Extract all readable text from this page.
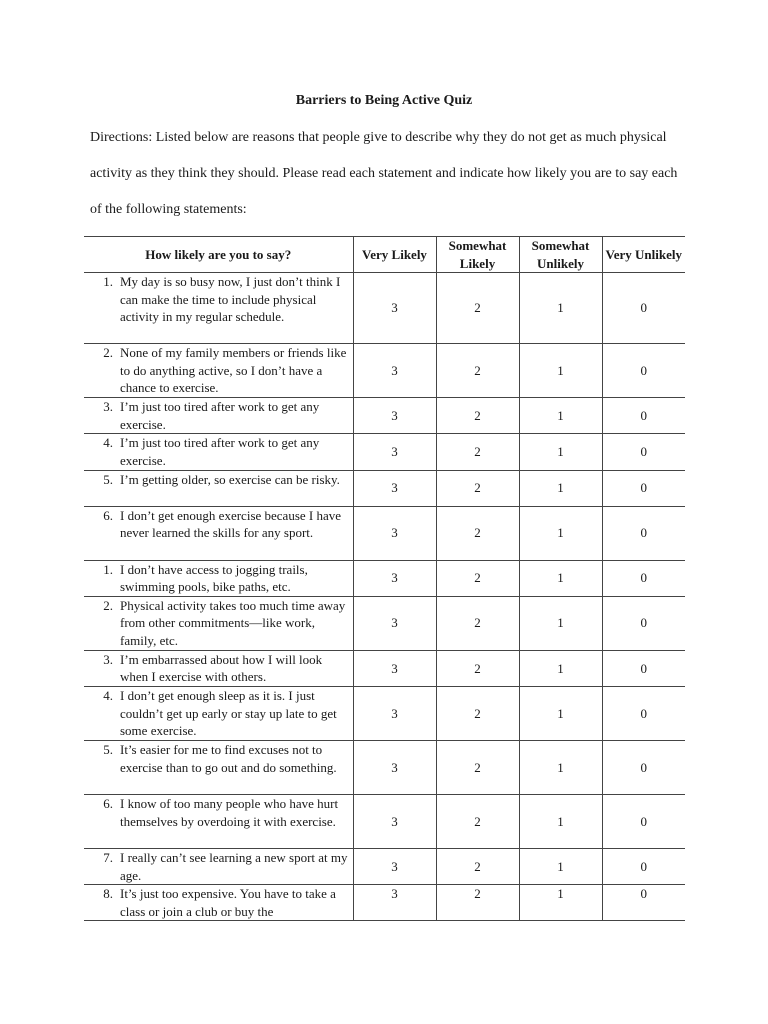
Barriers to Being Active Quiz

Directions: Listed below are reasons that people give to describe why they do not get as much physical activity as they think they should. Please read each statement and indicate how likely you are to say each of the following statements:

How likely are you to say?	Very Likely	Somewhat Likely	Somewhat Unlikely	Very Unlikely

1. My day is so busy now, I just don’t think I can make the time to include physical activity in my regular schedule.	3	2	1	0

2. None of my family members or friends like to do anything active, so I don’t have a chance to exercise.	3	2	1	0

3. I’m just too tired after work to get any exercise.	3	2	1	0

4. I’m just too tired after work to get any exercise.	3	2	1	0

5. I’m getting older, so exercise can be risky.	3	2	1	0

6. I don’t get enough exercise because I have never learned the skills for any sport.	3	2	1	0

1. I don’t have access to jogging trails, swimming pools, bike paths, etc.	3	2	1	0

2. Physical activity takes too much time away from other commitments—like work, family, etc.	3	2	1	0

3. I’m embarrassed about how I will look when I exercise with others.	3	2	1	0

4. I don’t get enough sleep as it is. I just couldn’t get up early or stay up late to get some exercise.	3	2	1	0

5. It’s easier for me to find excuses not to exercise than to go out and do something.	3	2	1	0

6. I know of too many people who have hurt themselves by overdoing it with exercise.	3	2	1	0

7. I really can’t see learning a new sport at my age.	3	2	1	0

8. It’s just too expensive. You have to take a class or join a club or buy the	3	2	1	0
